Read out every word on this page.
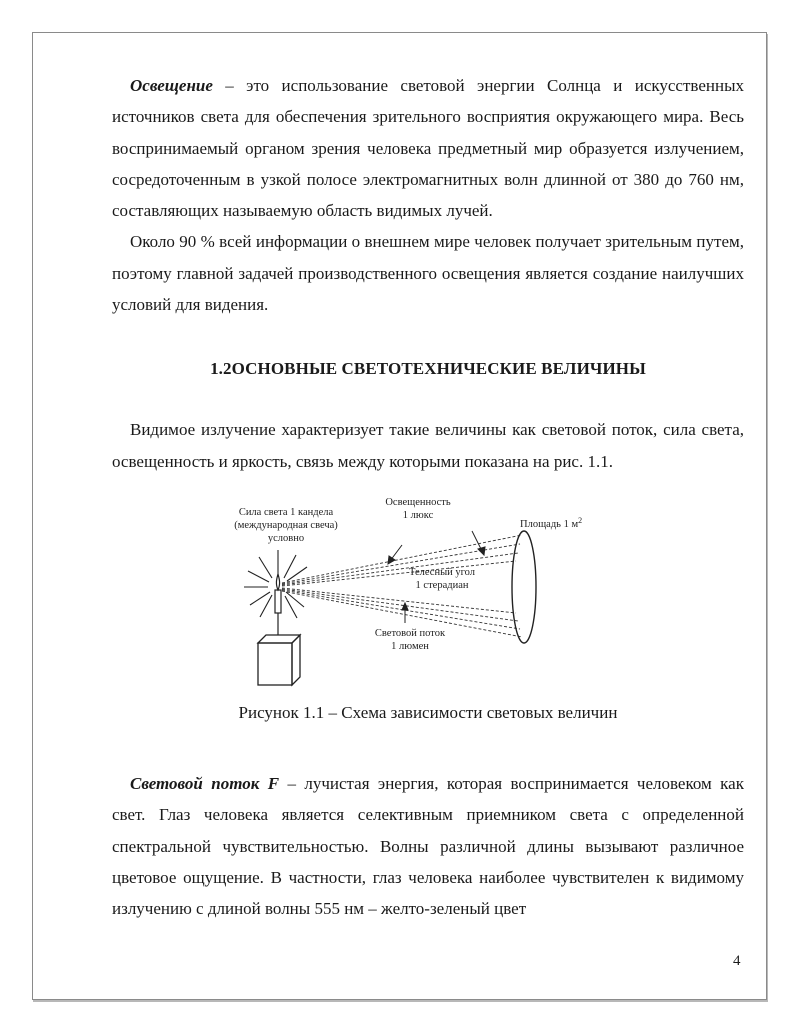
Освещение – это использование световой энергии Солнца и искусственных источников света для обеспечения зрительного восприятия окружающего мира. Весь воспринимаемый органом зрения человека предметный мир образуется излучением, сосредоточенным в узкой полосе электромагнитных волн длинной от 380 до 760 нм, составляющих называемую область видимых лучей.

Около 90 % всей информации о внешнем мире человек получает зрительным путем, поэтому главной задачей производственного освещения является создание наилучших условий для видения.

1.2ОСНОВНЫЕ СВЕТОТЕХНИЧЕСКИЕ ВЕЛИЧИНЫ

Видимое излучение характеризует такие величины как световой поток, сила света, освещенность и яркость, связь между которыми показана на рис. 1.1.

Сила света 1 кандела
(международная свеча)
условно
Освещенность
1 люкс
Площадь 1 $м^2$
Телесный угол
1 стерадиан
Световой поток
1 люмен

Рисунок 1.1 – Схема зависимости световых величин

Световой поток F – лучистая энергия, которая воспринимается человеком как свет. Глаз человека является селективным приемником света с определенной спектральной чувствительностью. Волны различной длины вызывают различное цветовое ощущение. В частности, глаз человека наиболее чувствителен к видимому излучению с длиной волны 555 нм – желто-зеленый цвет

4
